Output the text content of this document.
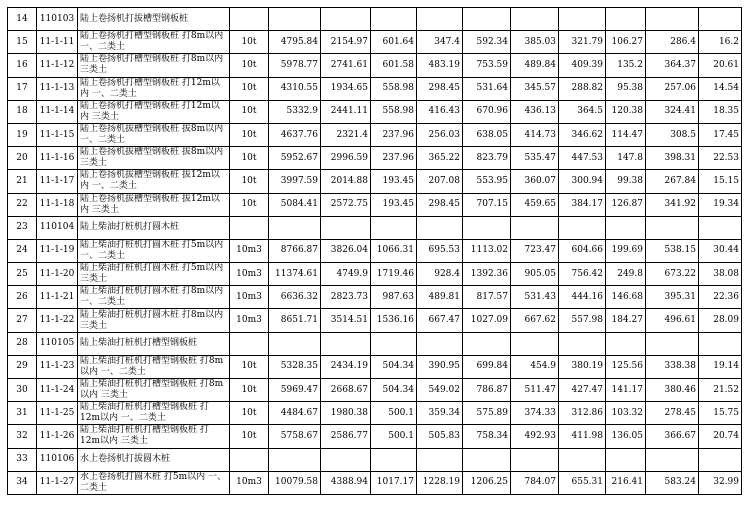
14	110103	陆上卷扬机打拔槽型钢板桩												
15	11-1-11	陆上卷扬机打槽型钢板桩 打8m以内 一、二类土	10t	4795.84	2154.97	601.64	347.4	592.34	385.03	321.79	106.27	286.4	16.2	
16	11-1-12	陆上卷扬机打槽型钢板桩 打8m以内 三类土	10t	5978.77	2741.61	601.58	483.19	753.59	489.84	409.39	135.2	364.37	20.61	
17	11-1-13	陆上卷扬机打槽型钢板桩 打12m以内 一、二类土	10t	4310.55	1934.65	558.98	298.45	531.64	345.57	288.82	95.38	257.06	14.54	
18	11-1-14	陆上卷扬机打槽型钢板桩 打12m以内 三类土	10t	5332.9	2441.11	558.98	416.43	670.96	436.13	364.5	120.38	324.41	18.35	
19	11-1-15	陆上卷扬机拔槽型钢板桩 拔8m以内 一、二类土	10t	4637.76	2321.4	237.96	256.03	638.05	414.73	346.62	114.47	308.5	17.45	
20	11-1-16	陆上卷扬机拔槽型钢板桩 拔8m以内 三类土	10t	5952.67	2996.59	237.96	365.22	823.79	535.47	447.53	147.8	398.31	22.53	
21	11-1-17	陆上卷扬机拔槽型钢板桩 拔12m以内 一、二类土	10t	3997.59	2014.88	193.45	207.08	553.95	360.07	300.94	99.38	267.84	15.15	
22	11-1-18	陆上卷扬机拔槽型钢板桩 拔12m以内 三类土	10t	5084.41	2572.75	193.45	298.45	707.15	459.65	384.17	126.87	341.92	19.34	
23	110104	陆上柴油打桩机打圆木桩												
24	11-1-19	陆上柴油打桩机打圆木桩 打5m以内 一、二类土	10m3	8766.87	3826.04	1066.31	695.53	1113.02	723.47	604.66	199.69	538.15	30.44	
25	11-1-20	陆上柴油打桩机打圆木桩 打5m以内 三类土	10m3	11374.61	4749.9	1719.46	928.4	1392.36	905.05	756.42	249.8	673.22	38.08	
26	11-1-21	陆上柴油打桩机打圆木桩 打8m以内 一、二类土	10m3	6636.32	2823.73	987.63	489.81	817.57	531.43	444.16	146.68	395.31	22.36	
27	11-1-22	陆上柴油打桩机打圆木桩 打8m以内 三类土	10m3	8651.71	3514.51	1536.16	667.47	1027.09	667.62	557.98	184.27	496.61	28.09	
28	110105	陆上柴油打桩机打槽型钢板桩												
29	11-1-23	陆上柴油打桩机打槽型钢板桩 打8m以内 一、二类土	10t	5328.35	2434.19	504.34	390.95	699.84	454.9	380.19	125.56	338.38	19.14	
30	11-1-24	陆上柴油打桩机打槽型钢板桩 打8m以内 三类土	10t	5969.47	2668.67	504.34	549.02	786.87	511.47	427.47	141.17	380.46	21.52	
31	11-1-25	陆上柴油打桩机打槽型钢板桩 打12m以内 一、二类土	10t	4484.67	1980.38	500.1	359.34	575.89	374.33	312.86	103.32	278.45	15.75	
32	11-1-26	陆上柴油打桩机打槽型钢板桩 打12m以内 三类土	10t	5758.67	2586.77	500.1	505.83	758.34	492.93	411.98	136.05	366.67	20.74	
33	110106	水上卷扬机打拔圆木桩												
34	11-1-27	水上卷扬机打圆木桩 打5m以内 一、二类土	10m3	10079.58	4388.94	1017.17	1228.19	1206.25	784.07	655.31	216.41	583.24	32.99	
